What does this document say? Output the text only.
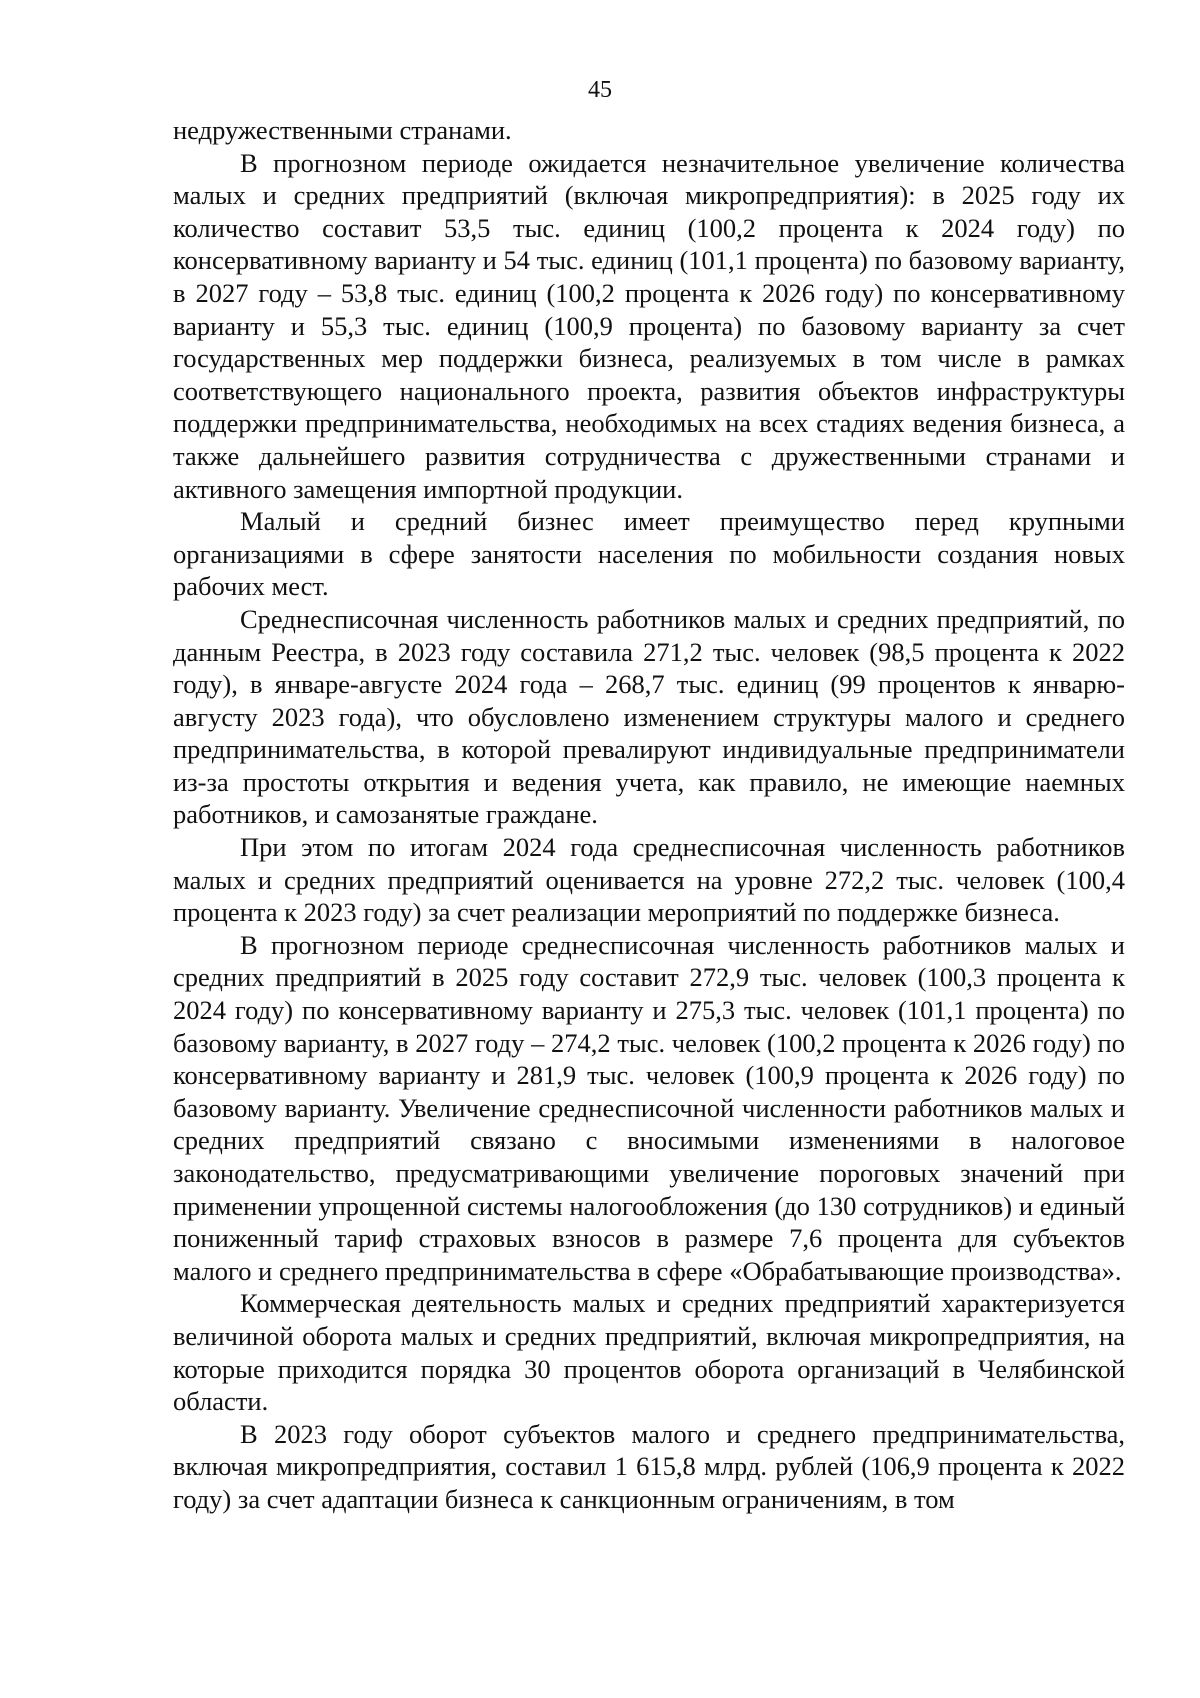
45

недружественными странами.

В прогнозном периоде ожидается незначительное увеличение количества малых и средних предприятий (включая микропредприятия): в 2025 году их количество составит 53,5 тыс. единиц (100,2 процента к 2024 году) по консервативному варианту и 54 тыс. единиц (101,1 процента) по базовому варианту, в 2027 году – 53,8 тыс. единиц (100,2 процента к 2026 году) по консервативному варианту и 55,3 тыс. единиц (100,9 процента) по базовому варианту за счет государственных мер поддержки бизнеса, реализуемых в том числе в рамках соответствующего национального проекта, развития объектов инфраструктуры поддержки предпринимательства, необходимых на всех стадиях ведения бизнеса, а также дальнейшего развития сотрудничества с дружественными странами и активного замещения импортной продукции.

Малый и средний бизнес имеет преимущество перед крупными организациями в сфере занятости населения по мобильности создания новых рабочих мест.

Среднесписочная численность работников малых и средних предприятий, по данным Реестра, в 2023 году составила 271,2 тыс. человек (98,5 процента к 2022 году), в январе-августе 2024 года – 268,7 тыс. единиц (99 процентов к январю-августу 2023 года), что обусловлено изменением структуры малого и среднего предпринимательства, в которой превалируют индивидуальные предприниматели из-за простоты открытия и ведения учета, как правило, не имеющие наемных работников, и самозанятые граждане.

При этом по итогам 2024 года среднесписочная численность работников малых и средних предприятий оценивается на уровне 272,2 тыс. человек (100,4 процента к 2023 году) за счет реализации мероприятий по поддержке бизнеса.

В прогнозном периоде среднесписочная численность работников малых и средних предприятий в 2025 году составит 272,9 тыс. человек (100,3 процента к 2024 году) по консервативному варианту и 275,3 тыс. человек (101,1 процента) по базовому варианту, в 2027 году – 274,2 тыс. человек (100,2 процента к 2026 году) по консервативному варианту и 281,9 тыс. человек (100,9 процента к 2026 году) по базовому варианту. Увеличение среднесписочной численности работников малых и средних предприятий связано с вносимыми изменениями в налоговое законодательство, предусматривающими увеличение пороговых значений при применении упрощенной системы налогообложения (до 130 сотрудников) и единый пониженный тариф страховых взносов в размере 7,6 процента для субъектов малого и среднего предпринимательства в сфере «Обрабатывающие производства».

Коммерческая деятельность малых и средних предприятий характеризуется величиной оборота малых и средних предприятий, включая микропредприятия, на которые приходится порядка 30 процентов оборота организаций в Челябинской области.

В 2023 году оборот субъектов малого и среднего предпринимательства, включая микропредприятия, составил 1 615,8 млрд. рублей (106,9 процента к 2022 году) за счет адаптации бизнеса к санкционным ограничениям, в том
